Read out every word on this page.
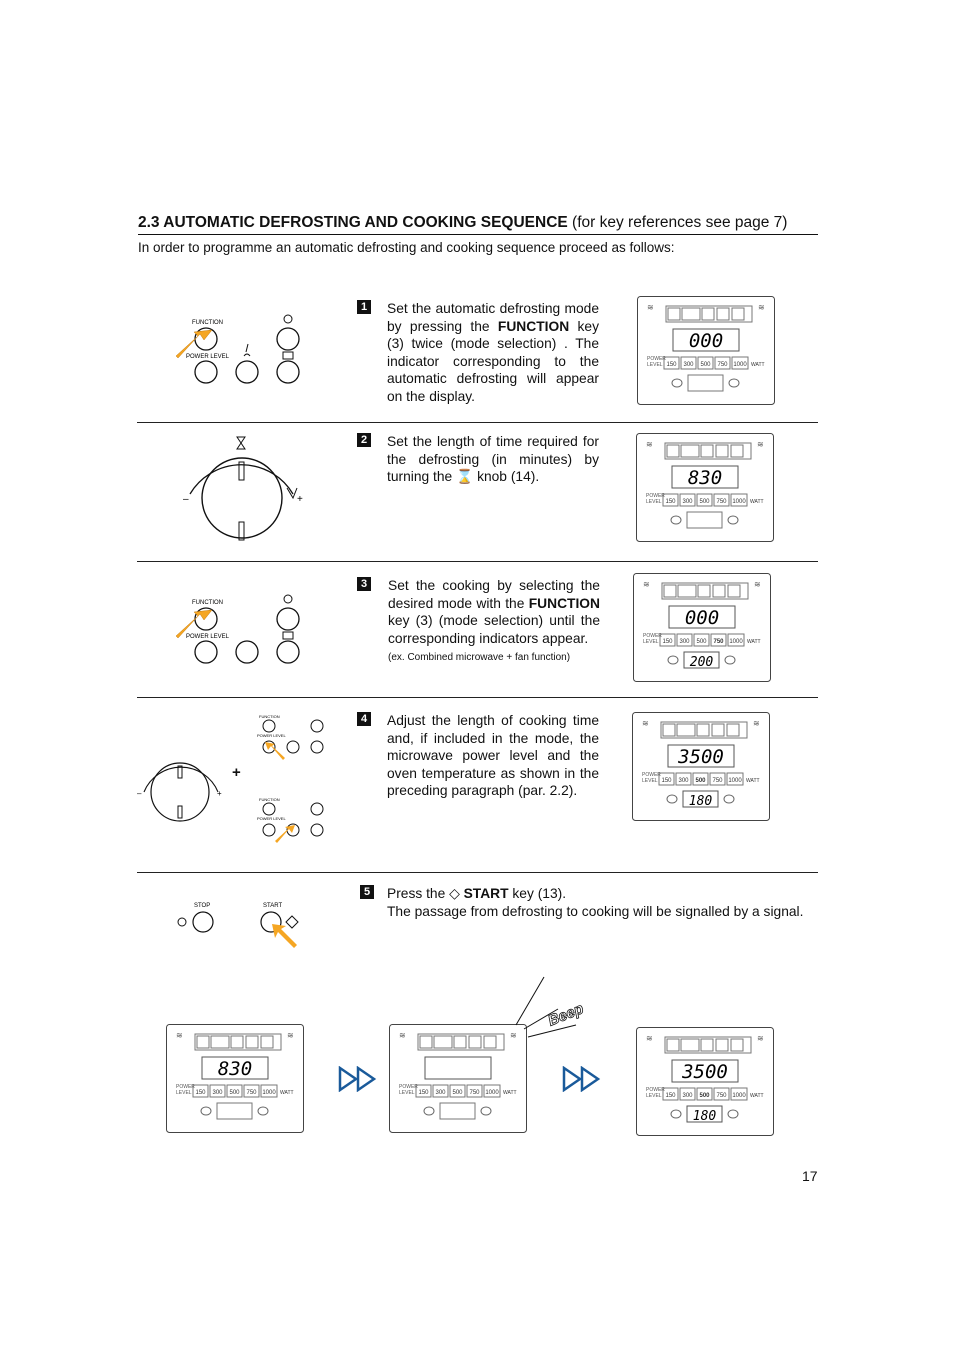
2.3 AUTOMATIC DEFROSTING AND COOKING SEQUENCE (for key references see page 7)
In order to programme an automatic defrosting and cooking sequence proceed as follows:
FUNCTION
POWER LEVEL
1 Set the automatic defrosting mode by pressing the FUNCTION key (3) twice (mode selection) . The indicator corresponding to the automatic defrosting will appear on the display.
≋	≋
000
POWER
LEVEL 150 300 500 750 1000 WATT
–	+
2 Set the length of time required for the defrosting (in minutes) by turning the ⌛ knob (14).
≋	≋
830
POWER
LEVEL 150 300 500 750 1000 WATT
FUNCTION
POWER LEVEL
3 Set the cooking by selecting the desired mode with the FUNCTION key (3) (mode selection) until the corresponding indicators appear.
(ex. Combined microwave + fan function)
≋	≋
000
POWER
LEVEL 150 300 500 750 1000 WATT
200
–	+
+
FUNCTION
POWER LEVEL
FUNCTION
POWER LEVEL
4 Adjust the length of cooking time and, if included in the mode, the microwave power level and the oven temperature as shown in the preceding paragraph (par. 2.2).
≋	≋
3500
POWER
LEVEL 150 300 500 750 1000 WATT
180
STOP	START
5 Press the ◇ START key (13).
The passage from defrosting to cooking will be signalled by a signal.
≋	≋
830
POWER
LEVEL 150 300 500 750 1000 WATT
≋	≋
POWER
LEVEL 150 300 500 750 1000 WATT
Beep
≋	≋
3500
POWER
LEVEL 150 300 500 750 1000 WATT
180
17
